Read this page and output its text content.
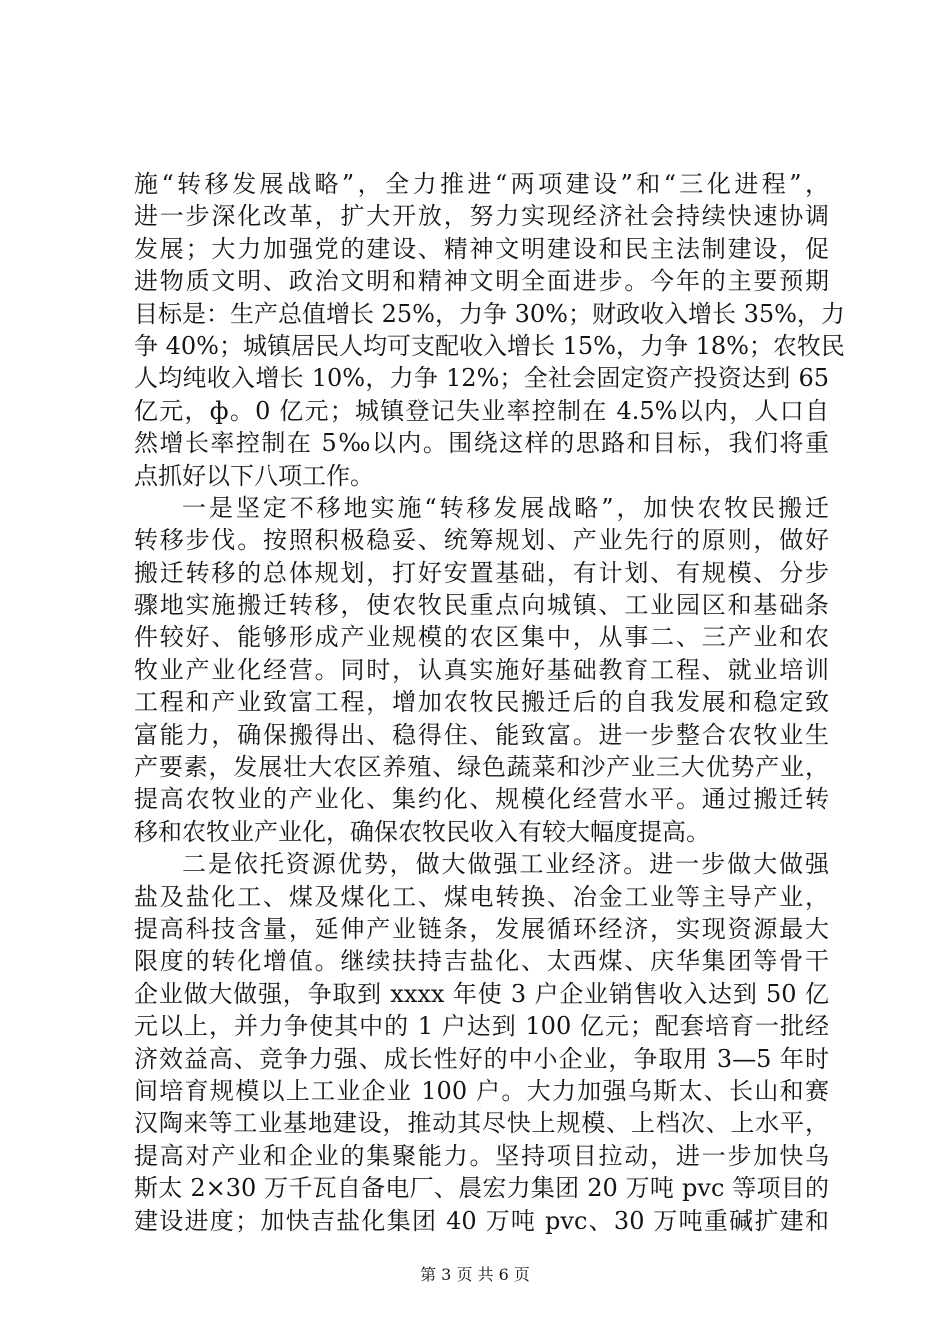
施“转移发展战略”，全力推进“两项建设”和“三化进程”，
进一步深化改革，扩大开放，努力实现经济社会持续快速协调
发展；大力加强党的建设、精神文明建设和民主法制建设，促
进物质文明、政治文明和精神文明全面进步。今年的主要预期
目标是：生产总值增长 25%，力争 30%；财政收入增长 35%，力
争 40%；城镇居民人均可支配收入增长 15%，力争 18%；农牧民
人均纯收入增长 10%，力争 12%；全社会固定资产投资达到 65
亿元，ф。0 亿元；城镇登记失业率控制在 4.5%以内，人口自
然增长率控制在 5‰以内。围绕这样的思路和目标，我们将重
点抓好以下八项工作。
一是坚定不移地实施“转移发展战略”，加快农牧民搬迁
转移步伐。按照积极稳妥、统筹规划、产业先行的原则，做好
搬迁转移的总体规划，打好安置基础，有计划、有规模、分步
骤地实施搬迁转移，使农牧民重点向城镇、工业园区和基础条
件较好、能够形成产业规模的农区集中，从事二、三产业和农
牧业产业化经营。同时，认真实施好基础教育工程、就业培训
工程和产业致富工程，增加农牧民搬迁后的自我发展和稳定致
富能力，确保搬得出、稳得住、能致富。进一步整合农牧业生
产要素，发展壮大农区养殖、绿色蔬菜和沙产业三大优势产业，
提高农牧业的产业化、集约化、规模化经营水平。通过搬迁转
移和农牧业产业化，确保农牧民收入有较大幅度提高。
二是依托资源优势，做大做强工业经济。进一步做大做强
盐及盐化工、煤及煤化工、煤电转换、冶金工业等主导产业，
提高科技含量，延伸产业链条，发展循环经济，实现资源最大
限度的转化增值。继续扶持吉盐化、太西煤、庆华集团等骨干
企业做大做强，争取到 xxxx 年使 3 户企业销售收入达到 50 亿
元以上，并力争使其中的 1 户达到 100 亿元；配套培育一批经
济效益高、竞争力强、成长性好的中小企业，争取用 3—5 年时
间培育规模以上工业企业 100 户。大力加强乌斯太、长山和赛
汉陶来等工业基地建设，推动其尽快上规模、上档次、上水平，
提高对产业和企业的集聚能力。坚持项目拉动，进一步加快乌
斯太 2×30 万千瓦自备电厂、晨宏力集团 20 万吨 pvc 等项目的
建设进度；加快吉盐化集团 40 万吨 pvc、30 万吨重碱扩建和
第 3 页 共 6 页
